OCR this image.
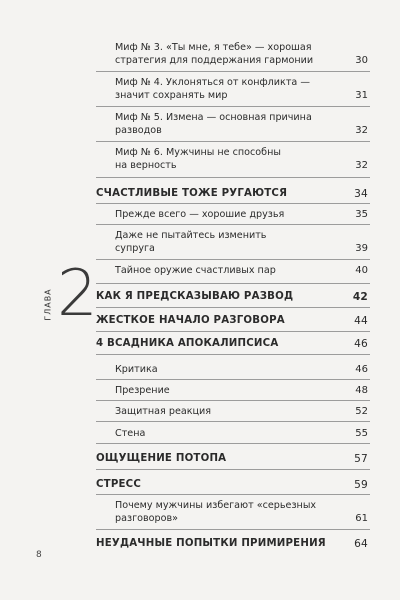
Миф № 3. «Ты мне, я тебе» — хорошая
стратегия для поддержания гармонии	30
Миф № 4. Уклоняться от конфликта —
значит сохранять мир	31
Миф № 5. Измена — основная причина
разводов	32
Миф № 6. Мужчины не способны
на верность	32
СЧАСТЛИВЫЕ ТОЖЕ РУГАЮТСЯ	34
Прежде всего — хорошие друзья	35
Даже не пытайтесь изменить
супруга	39
Тайное оружие счастливых пар	40
ГЛАВА 2
КАК Я ПРЕДСКАЗЫВАЮ РАЗВОД	42
ЖЕСТКОЕ НАЧАЛО РАЗГОВОРА	44
4 ВСАДНИКА АПОКАЛИПСИСА	46
Критика	46
Презрение	48
Защитная реакция	52
Стена	55
ОЩУЩЕНИЕ ПОТОПА	57
СТРЕСС	59
Почему мужчины избегают «серьезных
разговоров»	61
НЕУДАЧНЫЕ ПОПЫТКИ ПРИМИРЕНИЯ	64
8
